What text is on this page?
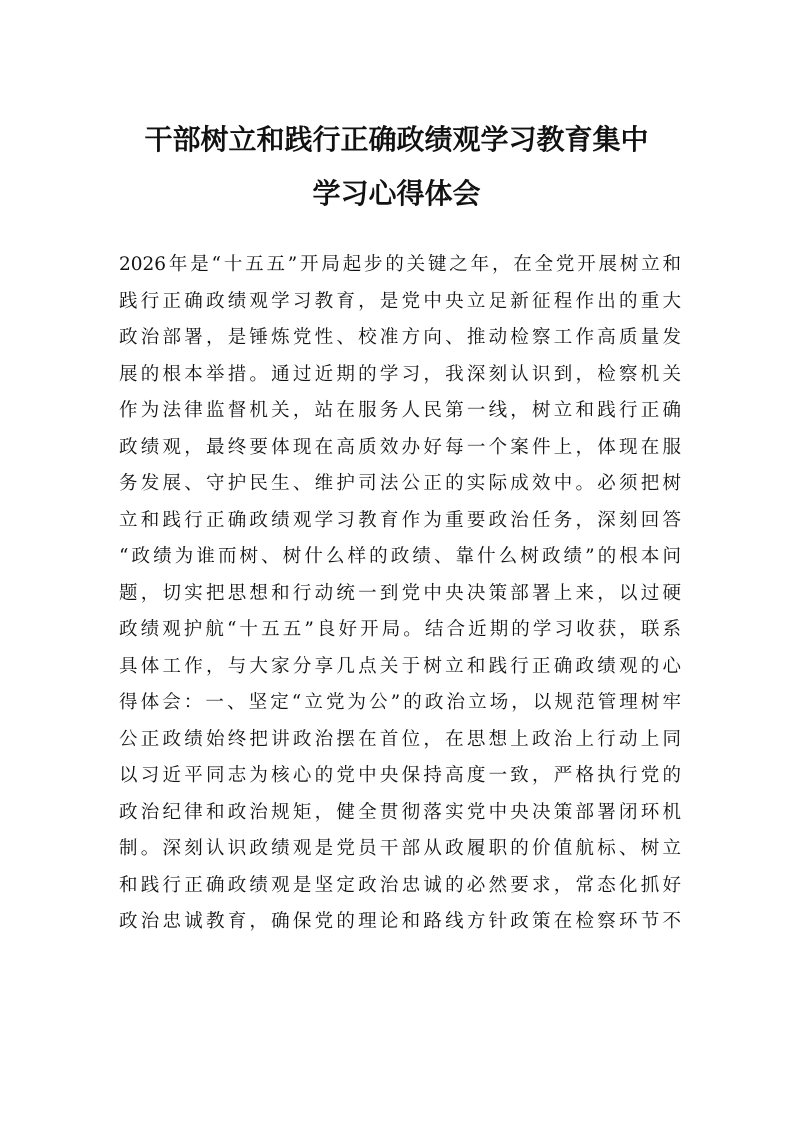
干部树立和践行正确政绩观学习教育集中
学习心得体会
2026年是“十五五”开局起步的关键之年，在全党开展树立和
践行正确政绩观学习教育，是党中央立足新征程作出的重大
政治部署，是锤炼党性、校准方向、推动检察工作高质量发
展的根本举措。通过近期的学习，我深刻认识到，检察机关
作为法律监督机关，站在服务人民第一线，树立和践行正确
政绩观，最终要体现在高质效办好每一个案件上，体现在服
务发展、守护民生、维护司法公正的实际成效中。必须把树
立和践行正确政绩观学习教育作为重要政治任务，深刻回答
“政绩为谁而树、树什么样的政绩、靠什么树政绩”的根本问
题，切实把思想和行动统一到党中央决策部署上来，以过硬
政绩观护航“十五五”良好开局。结合近期的学习收获，联系
具体工作，与大家分享几点关于树立和践行正确政绩观的心
得体会：一、坚定“立党为公”的政治立场，以规范管理树牢
公正政绩始终把讲政治摆在首位，在思想上政治上行动上同
以习近平同志为核心的党中央保持高度一致，严格执行党的
政治纪律和政治规矩，健全贯彻落实党中央决策部署闭环机
制。深刻认识政绩观是党员干部从政履职的价值航标、树立
和践行正确政绩观是坚定政治忠诚的必然要求，常态化抓好
政治忠诚教育，确保党的理论和路线方针政策在检察环节不
